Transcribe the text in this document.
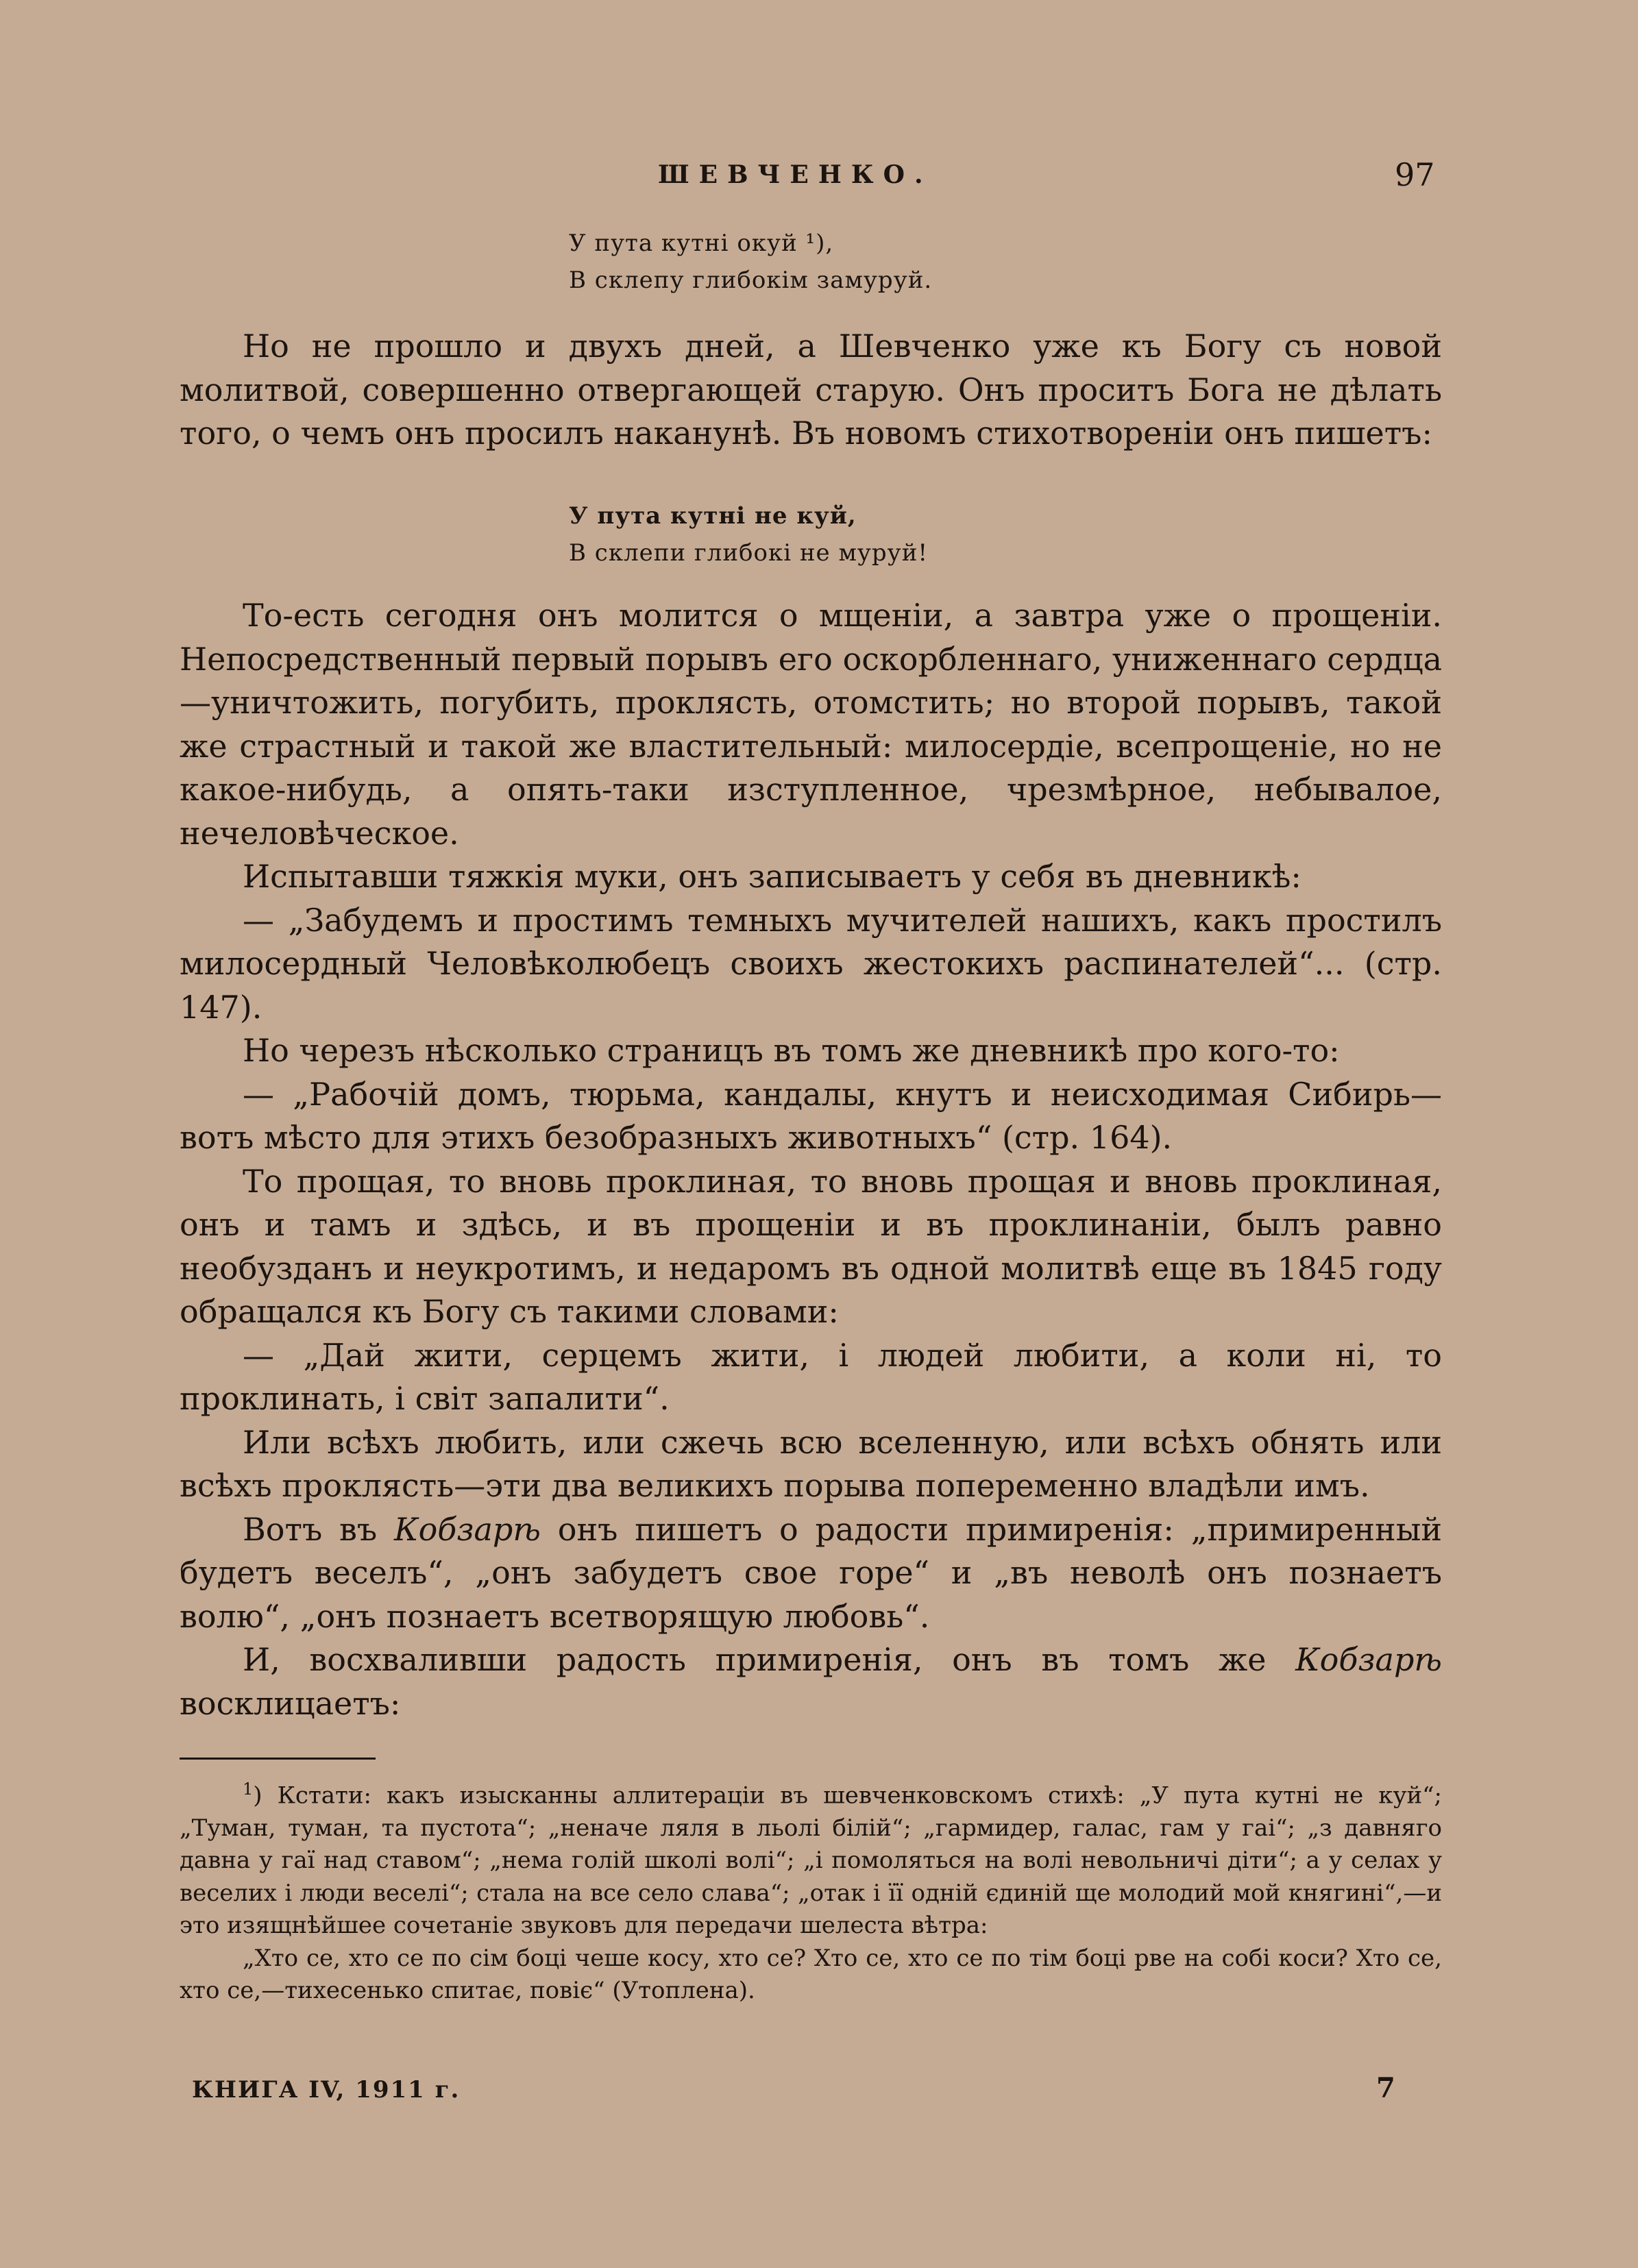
ШЕВЧЕНКО.	97
У пута кутні окуй ¹),
В склепу глибокім замуруй.

Но не прошло и двухъ дней, а Шевченко уже къ Богу съ новой молитвой, совершенно отвергающей старую. Онъ проситъ Бога не дѣлать того, о чемъ онъ просилъ наканунѣ. Въ новомъ стихотвореніи онъ пишетъ:

У пута кутні не куй,
В склепи глибокі не муруй!

То-есть сегодня онъ молится о мщеніи, а завтра уже о прощеніи. Непосредственный первый порывъ его оскорбленнаго, униженнаго сердца—уничтожить, погубить, проклясть, отомстить; но второй порывъ, такой же страстный и такой же властительный: милосердіе, всепрощеніе, но не какое-нибудь, а опять-таки изступленное, чрезмѣрное, небывалое, нечеловѣческое.

Испытавши тяжкія муки, онъ записываетъ у себя въ дневникѣ:

— „Забудемъ и простимъ темныхъ мучителей нашихъ, какъ простилъ милосердный Человѣколюбецъ своихъ жестокихъ распинателей“... (стр. 147).

Но черезъ нѣсколько страницъ въ томъ же дневникѣ про кого-то:

— „Рабочій домъ, тюрьма, кандалы, кнутъ и неисходимая Сибирь—вотъ мѣсто для этихъ безобразныхъ животныхъ“ (стр. 164).

То прощая, то вновь проклиная, то вновь прощая и вновь проклиная, онъ и тамъ и здѣсь, и въ прощеніи и въ проклинаніи, былъ равно необузданъ и неукротимъ, и недаромъ въ одной молитвѣ еще въ 1845 году обращался къ Богу съ такими словами:

— „Дай жити, серцемъ жити, і людей любити, а коли ні, то проклинать, і світ запалити“.

Или всѣхъ любить, или сжечь всю вселенную, или всѣхъ обнять или всѣхъ проклясть—эти два великихъ порыва попеременно владѣли имъ.

Вотъ въ Кобзарѣ онъ пишетъ о радости примиренія: „примиренный будетъ веселъ“, „онъ забудетъ свое горе“ и „въ неволѣ онъ познаетъ волю“, „онъ познаетъ всетворящую любовь“.

И, восхваливши радость примиренія, онъ въ томъ же Кобзарѣ восклицаетъ:

$^1$) Кстати: какъ изысканны аллитераціи въ шевченковскомъ стихѣ: „У пута кутні не куй“; „Туман, туман, та пустота“; „неначе ляля в льолі білій“; „гармидер, галас, гам у гаі“; „з давняго давна у гаї над ставом“; „нема голій школі волі“; „і помоляться на волі невольничі діти“; а у селах у веселих і люди веселі“; стала на все село слава“; „отак і її одній єдиній ще молодий мой княгині“,—и это изящнѣйшее сочетаніе звуковъ для передачи шелеста вѣтра:

„Хто се, хто се по сім боці чеше косу, хто се? Хто се, хто се по тім боці рве на собі коси? Хто се, хто се,—тихесенько спитає, повіє“ (Утоплена).

КНИГА IV, 1911 г.	7
